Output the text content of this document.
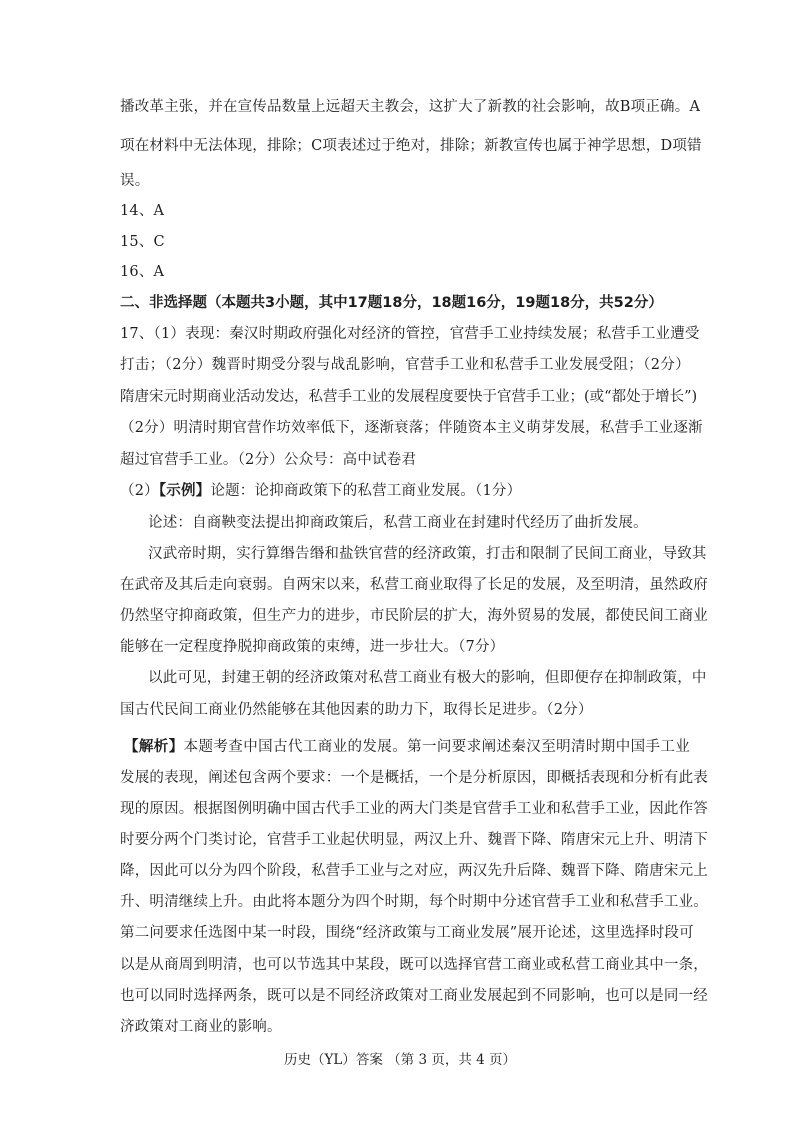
播改革主张，并在宣传品数量上远超天主教会，这扩大了新教的社会影响，故B项正确。A
项在材料中无法体现，排除；C项表述过于绝对，排除；新教宣传也属于神学思想，D项错
误。
14、A
15、C
16、A
二、非选择题（本题共3小题，其中17题18分，18题16分，19题18分，共52分）
17、（1）表现：秦汉时期政府强化对经济的管控，官营手工业持续发展；私营手工业遭受
打击；（2分）魏晋时期受分裂与战乱影响，官营手工业和私营手工业发展受阻；（2分）
隋唐宋元时期商业活动发达，私营手工业的发展程度要快于官营手工业；(或“都处于增长”)
（2分）明清时期官营作坊效率低下，逐渐衰落；伴随资本主义萌芽发展，私营手工业逐渐
超过官营手工业。（2分）公众号：高中试卷君
（2）【示例】论题：论抑商政策下的私营工商业发展。（1分）
论述：自商鞅变法提出抑商政策后，私营工商业在封建时代经历了曲折发展。
汉武帝时期，实行算缗告缗和盐铁官营的经济政策，打击和限制了民间工商业，导致其
在武帝及其后走向衰弱。自两宋以来，私营工商业取得了长足的发展，及至明清，虽然政府
仍然坚守抑商政策，但生产力的进步，市民阶层的扩大，海外贸易的发展，都使民间工商业
能够在一定程度挣脱抑商政策的束缚，进一步壮大。（7分）
以此可见，封建王朝的经济政策对私营工商业有极大的影响，但即便存在抑制政策，中
国古代民间工商业仍然能够在其他因素的助力下，取得长足进步。（2分）
【解析】本题考查中国古代工商业的发展。第一问要求阐述秦汉至明清时期中国手工业
发展的表现，阐述包含两个要求：一个是概括，一个是分析原因，即概括表现和分析有此表
现的原因。根据图例明确中国古代手工业的两大门类是官营手工业和私营手工业，因此作答
时要分两个门类讨论，官营手工业起伏明显，两汉上升、魏晋下降、隋唐宋元上升、明清下
降，因此可以分为四个阶段，私营手工业与之对应，两汉先升后降、魏晋下降、隋唐宋元上
升、明清继续上升。由此将本题分为四个时期，每个时期中分述官营手工业和私营手工业。
第二问要求任选图中某一时段，围绕“经济政策与工商业发展”展开论述，这里选择时段可
以是从商周到明清，也可以节选其中某段，既可以选择官营工商业或私营工商业其中一条，
也可以同时选择两条，既可以是不同经济政策对工商业发展起到不同影响，也可以是同一经
济政策对工商业的影响。
历史（YL）答案 （第 3 页，共 4 页）
